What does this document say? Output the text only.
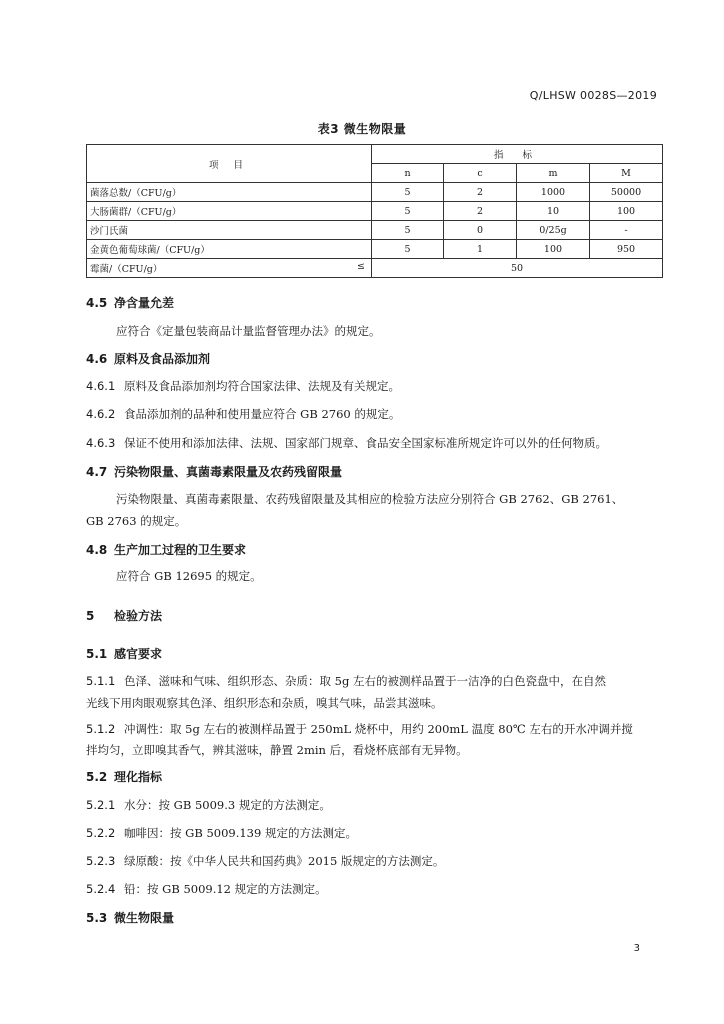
Q/LHSW 0028S—2019
表3 微生物限量
项 目	指 标			
	n	c	m	M
菌落总数/（CFU/g）	5	2	1000	50000
大肠菌群/（CFU/g）	5	2	10	100
沙门氏菌	5	0	0/25g	-
金黄色葡萄球菌/（CFU/g）	5	1	100	950
霉菌/（CFU/g） ≤	50			
4.5 净含量允差
应符合《定量包装商品计量监督管理办法》的规定。
4.6 原料及食品添加剂
4.6.1 原料及食品添加剂均符合国家法律、法规及有关规定。
4.6.2 食品添加剂的品种和使用量应符合 GB 2760 的规定。
4.6.3 保证不使用和添加法律、法规、国家部门规章、食品安全国家标准所规定许可以外的任何物质。
4.7 污染物限量、真菌毒素限量及农药残留限量
污染物限量、真菌毒素限量、农药残留限量及其相应的检验方法应分别符合 GB 2762、GB 2761、
GB 2763 的规定。
4.8 生产加工过程的卫生要求
应符合 GB 12695 的规定。
5 检验方法
5.1 感官要求
5.1.1 色泽、滋味和气味、组织形态、杂质：取 5g 左右的被测样品置于一洁净的白色瓷盘中，在自然
光线下用肉眼观察其色泽、组织形态和杂质，嗅其气味，品尝其滋味。
5.1.2 冲调性：取 5g 左右的被测样品置于 250mL 烧杯中，用约 200mL 温度 80℃ 左右的开水冲调并搅
拌均匀，立即嗅其香气，辨其滋味，静置 2min 后，看烧杯底部有无异物。
5.2 理化指标
5.2.1 水分：按 GB 5009.3 规定的方法测定。
5.2.2 咖啡因：按 GB 5009.139 规定的方法测定。
5.2.3 绿原酸：按《中华人民共和国药典》2015 版规定的方法测定。
5.2.4 铅：按 GB 5009.12 规定的方法测定。
5.3 微生物限量
3
